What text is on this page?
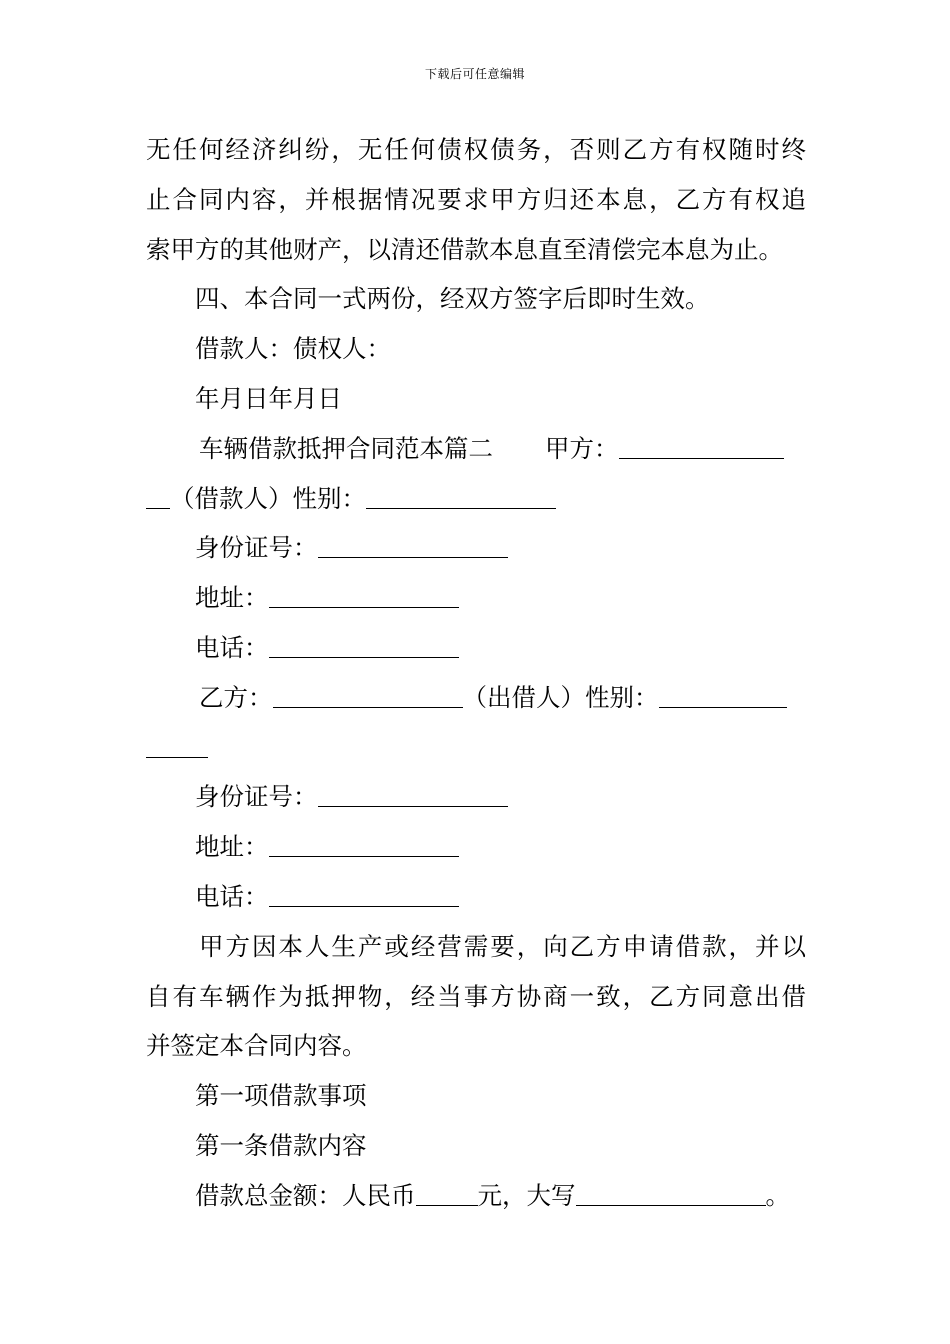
下载后可任意编辑
无任何经济纠纷，无任何债权债务，否则乙方有权随时终
止合同内容，并根据情况要求甲方归还本息，乙方有权追
索甲方的其他财产，以清还借款本息直至清偿完本息为止。
四、本合同一式两份，经双方签字后即时生效。
借款人：债权人：
年月日年月日
车辆借款抵押合同范本篇二 甲方：
（借款人）性别：
身份证号：
地址：
电话：
乙方：	（出借人）性别：
身份证号：
地址：
电话：
甲方因本人生产或经营需要，向乙方申请借款，并以
自有车辆作为抵押物，经当事方协商一致，乙方同意出借
并签定本合同内容。
第一项借款事项
第一条借款内容
借款总金额：人民币	元，大写	。
